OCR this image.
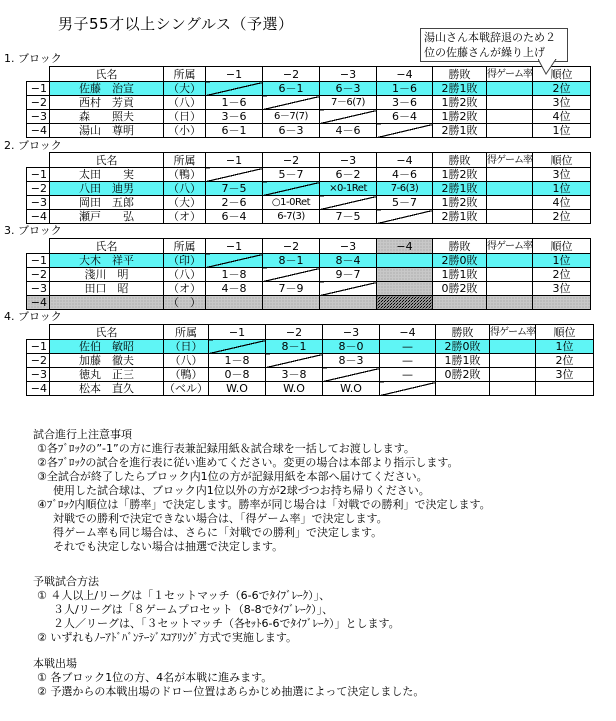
男子55才以上シングルス（予選）
湯山さん本戦辞退のため２位の佐藤さんが繰り上げ
1. ブロック
	氏名	所属	−1	−2	−3	−4	勝敗	得ゲーム率	順位
−1	佐藤　治宣	（大）		6－1	6－3	1－6	2勝1敗		2位
−2	西村　芳貢	（八）	1－6		7－6(7)	3－6	1勝2敗		3位
−3	森　　照夫	（日）	3－6	6－7(7)		6－4	1勝2敗		4位
−4	湯山　尊明	（小）	6－1	6－3	4－6		2勝1敗		1位
2. ブロック
	氏名	所属	−1	−2	−3	−4	勝敗	得ゲーム率	順位
−1	太田　　実	（鴨）		5－7	6－2	4－6	1勝2敗		3位
−2	八田　迪男	（八）	7－5		×0-1Ret	7-6(3)	2勝1敗		1位
−3	岡田　五郎	（大）	2－6	○1-0Ret		5－7	1勝2敗		4位
−4	瀬戸　　弘	（オ）	6－4	6-7(3)	7－5		2勝1敗		2位
3. ブロック
	氏名	所属	−1	−2	−3	−4	勝敗	得ゲーム率	順位
−1	大木　祥平	（印）		8－1	8－4		2勝0敗		1位
−2	淺川　明	（八）	1－8		9－7		1勝1敗		2位
−3	田口　昭	（オ）	4－8	7－9			0勝2敗		3位
−4		（　）							
4. ブロック
	氏名	所属	−1	−2	−3	−4	勝敗	得ゲーム率	順位
−1	佐伯　敏昭	（日）		8－1	8－0	—	2勝0敗		1位
−2	加藤　徹夫	（八）	1－8		8－3	—	1勝1敗		2位
−3	徳丸　正三	（鴨）	0－8	3－8		—	0勝2敗		3位
−4	松本　直久	（ベル）	W.O	W.O	W.O				
試合進行上注意事項
①各ﾌﾞﾛｯｸの”-1”の方に進行表兼記録用紙＆試合球を一括してお渡しします。
②各ﾌﾞﾛｯｸの試合を進行表に従い進めてください。変更の場合は本部より指示します。
③全試合が終了したらブロック内1位の方が記録用紙を本部へ届けてください。
使用した試合球は、ブロック内1位以外の方が2球づつお持ち帰りください。
④ﾌﾞﾛｯｸ内順位は「勝率」で決定します。勝率が同じ場合は「対戦での勝利」で決定します。
対戦での勝利で決定できない場合は、「得ゲーム率」で決定します。
得ゲーム率も同じ場合は、さらに「対戦での勝利」で決定します。
それでも決定しない場合は抽選で決定します。
予戦試合方法
① ４人以上/リーグは「１セットマッチ（6-6でﾀｲﾌﾞﾚｰｸ）」、
３人/リーグは「８ゲームプロセット（8-8でﾀｲﾌﾞﾚｰｸ）」、
２人／リーグは、「３セットマッチ（各ｾｯﾄ6-6でﾀｲﾌﾞﾚｰｸ）」とします。
② いずれもﾉｰｱﾄﾞﾊﾞﾝﾃｰｼﾞｽｺｱﾘﾝｸﾞ方式で実施します。
本戦出場
① 各ブロック1位の方、4名が本戦に進みます。
② 予選からの本戦出場のドロー位置はあらかじめ抽選によって決定しました。
